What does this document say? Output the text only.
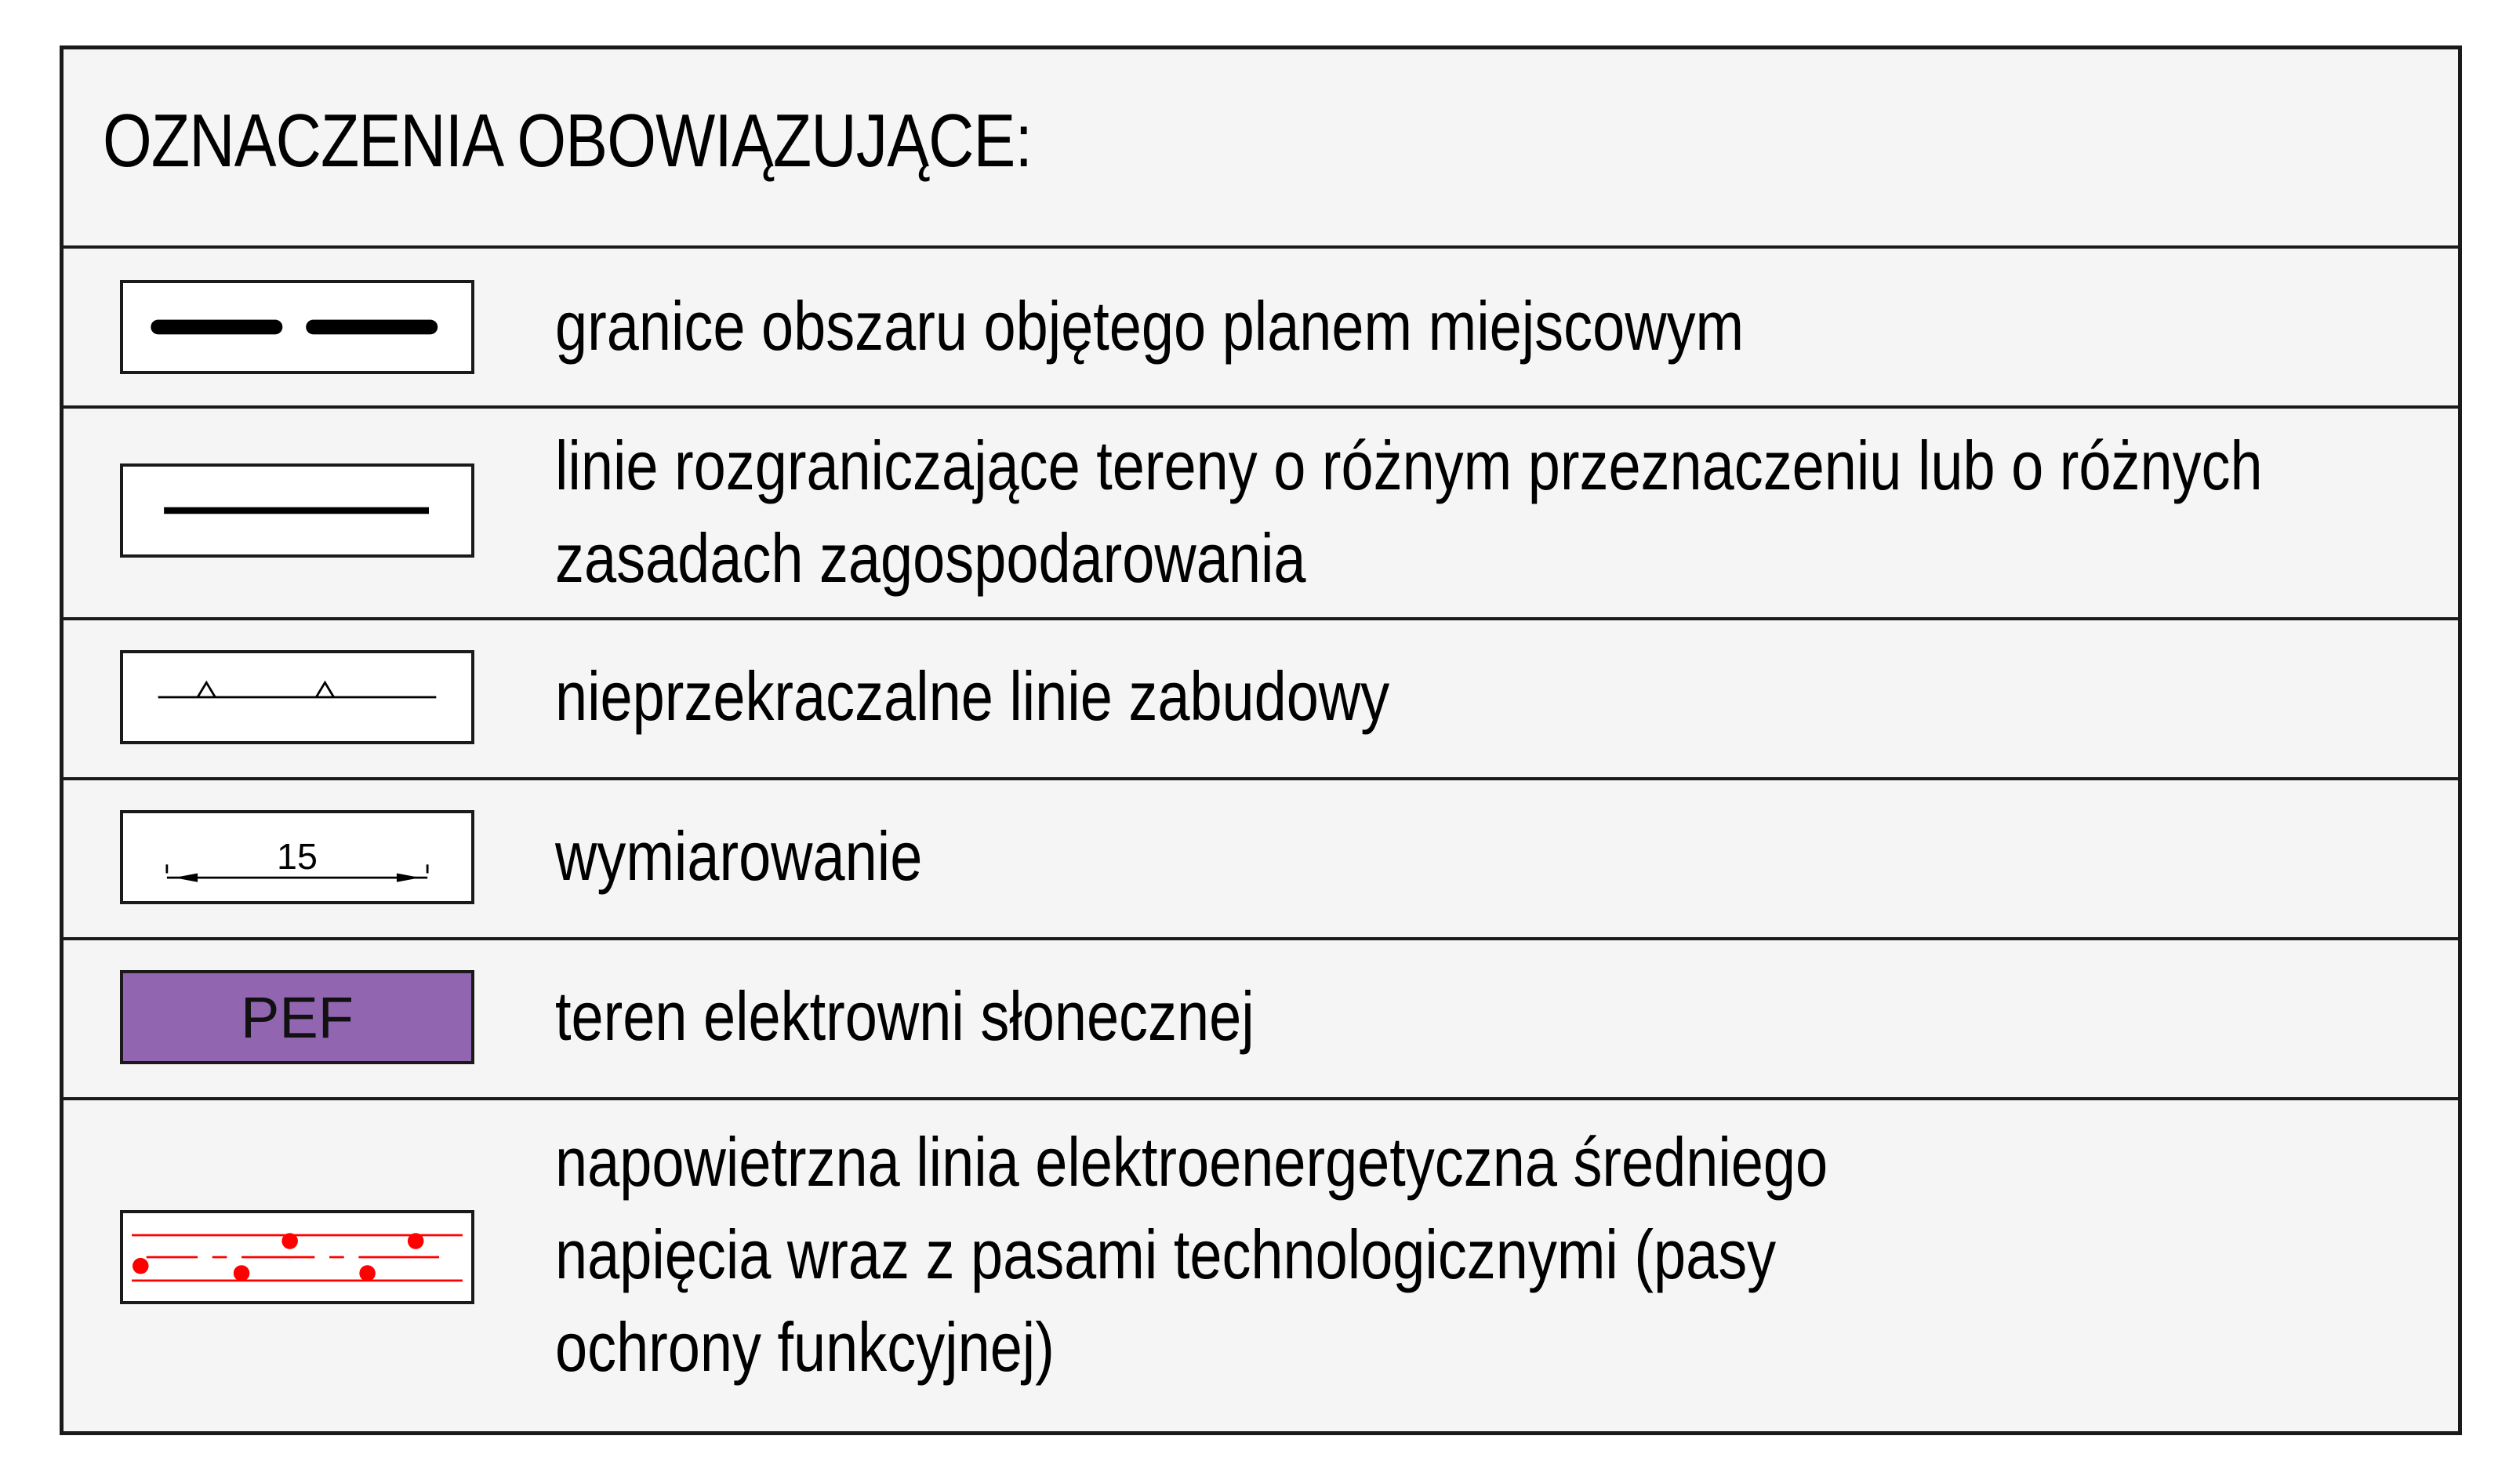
OZNACZENIA OBOWIĄZUJĄCE:
granice obszaru objętego planem miejscowym
linie rozgraniczające tereny o różnym przeznaczeniu lub o różnych
zasadach zagospodarowania
nieprzekraczalne linie zabudowy
15	wymiarowanie
PEF	teren elektrowni słonecznej
napowietrzna linia elektroenergetyczna średniego
napięcia wraz z pasami technologicznymi (pasy
ochrony funkcyjnej)
